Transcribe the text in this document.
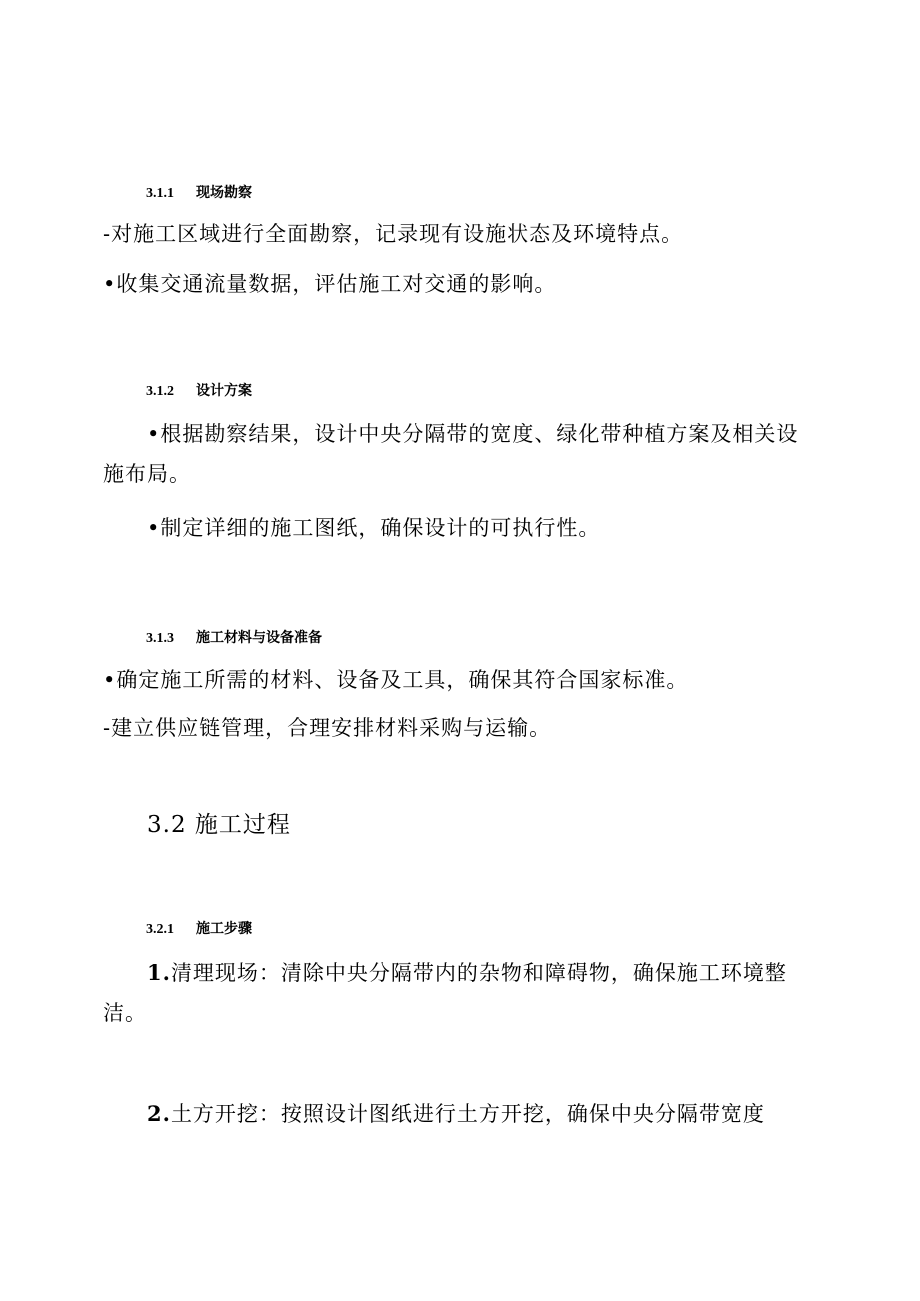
3.1.1 现场勘察
-对施工区域进行全面勘察，记录现有设施状态及环境特点。
•收集交通流量数据，评估施工对交通的影响。
3.1.2 设计方案
•根据勘察结果，设计中央分隔带的宽度、绿化带种植方案及相关设施布局。
•制定详细的施工图纸，确保设计的可执行性。
3.1.3 施工材料与设备准备
•确定施工所需的材料、设备及工具，确保其符合国家标准。
-建立供应链管理，合理安排材料采购与运输。
3.2 施工过程
3.2.1 施工步骤
1.清理现场：清除中央分隔带内的杂物和障碍物，确保施工环境整洁。
2.土方开挖：按照设计图纸进行土方开挖，确保中央分隔带宽度
